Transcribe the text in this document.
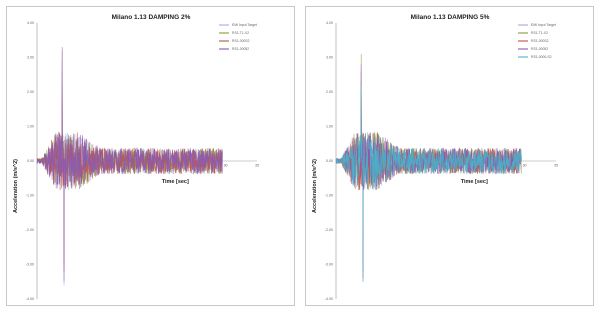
Milano 1.13 DAMPING 2%
4.00
3.00
2.00
1.00
0.00
-1.00
-2.00
-3.00
-4.00
5	10	15	20	25	30	35
Acceleration (m/s^2)	Time [sec]
EMI Input Target
RS1-T1-X2
RS1-000S2
RS1-00052
Milano 1.13 DAMPING 5%
4.00
3.00
2.00
1.00
0.00
-1.00
-2.00
-3.00
-4.00
5	10	15	20	25	30	35
Acceleration (m/s^2)	Time [sec]
EMI Input Target
RS1-T1-X2
RS1-000S2
RS1-00052
RS1-0000-S2
